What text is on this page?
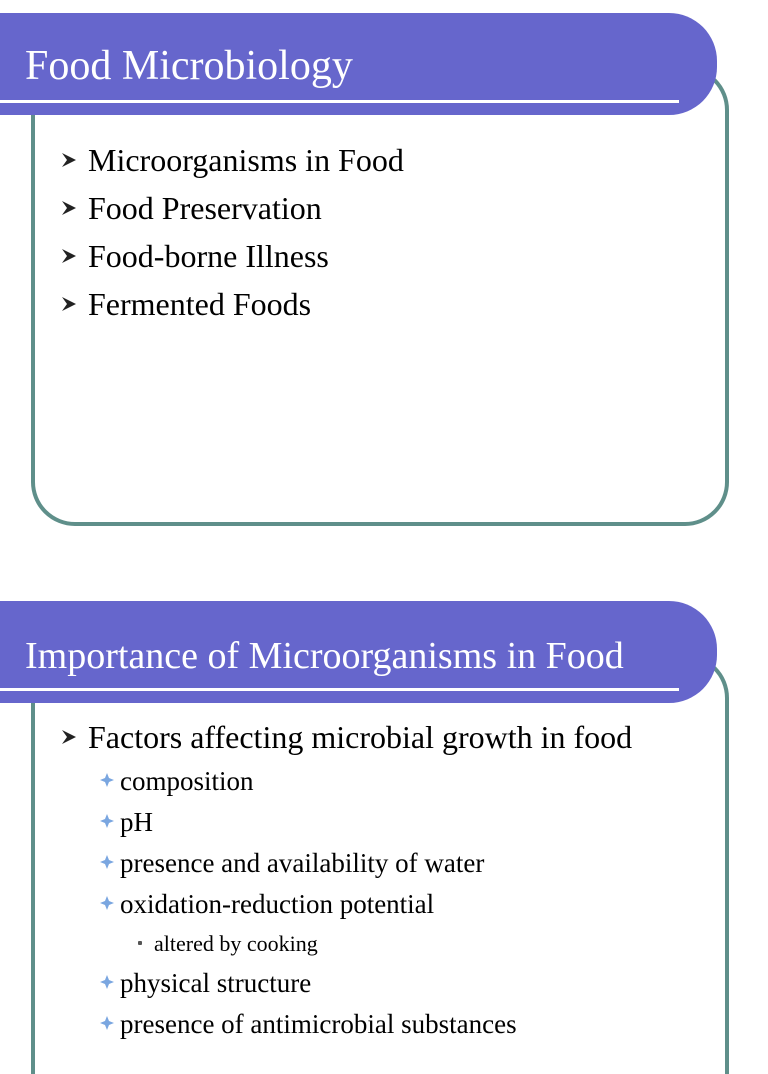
Food Microbiology
Microorganisms in Food
Food Preservation
Food-borne Illness
Fermented Foods
Importance of Microorganisms in Food
Factors affecting microbial growth in food
composition
pH
presence and availability of water
oxidation-reduction potential
altered by cooking
physical structure
presence of antimicrobial substances
